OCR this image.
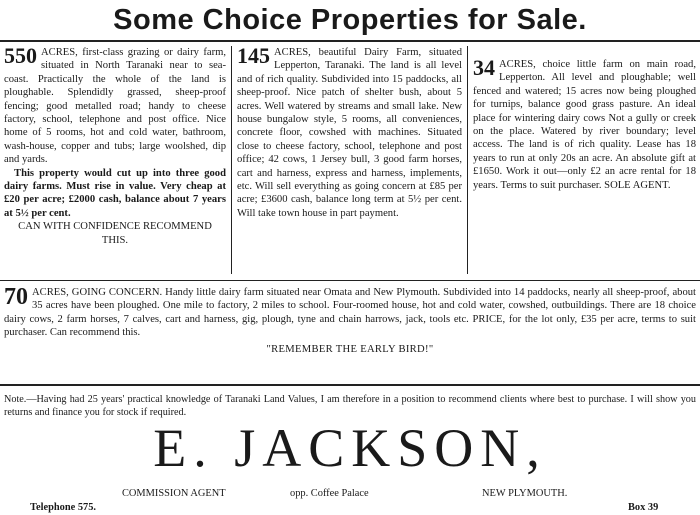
Some Choice Properties for Sale.
550 ACRES, first-class grazing or dairy farm, situated in North Taranaki near to sea-coast. Practically the whole of the land is ploughable. Splendidly grassed, sheep-proof fencing; good metalled road; handy to cheese factory, school, telephone and post office. Nice home of 5 rooms, hot and cold water, bathroom, wash-house, copper and tubs; large woolshed, dip and yards.

This property would cut up into three good dairy farms. Must rise in value. Very cheap at £20 per acre; £2000 cash, balance about 7 years at 5½ per cent.

CAN WITH CONFIDENCE RECOMMEND THIS.

145 ACRES, beautiful Dairy Farm, situated Lepperton, Taranaki. The land is all level and of rich quality. Subdivided into 15 paddocks, all sheep-proof. Nice patch of shelter bush, about 5 acres. Well watered by streams and small lake. New house bungalow style, 5 rooms, all conveniences, concrete floor, cowshed with machines. Situated close to cheese factory, school, telephone and post office; 42 cows, 1 Jersey bull, 3 good farm horses, cart and harness, express and harness, implements, etc. Will sell everything as going concern at £85 per acre; £3600 cash, balance long term at 5½ per cent. Will take town house in part payment.

34 ACRES, choice little farm on main road, Lepperton. All level and ploughable; well fenced and watered; 15 acres now being ploughed for turnips, balance good grass pasture. An ideal place for wintering dairy cows Not a gully or creek on the place. Watered by river boundary; level access. The land is of rich quality. Lease has 18 years to run at only 20s an acre. An absolute gift at £1650. Work it out—only £2 an acre rental for 18 years. Terms to suit purchaser. SOLE AGENT.

70 ACRES, GOING CONCERN. Handy little dairy farm situated near Omata and New Plymouth. Subdivided into 14 paddocks, nearly all sheep-proof, about 35 acres have been ploughed. One mile to factory, 2 miles to school. Four-roomed house, hot and cold water, cowshed, outbuildings. There are 18 choice dairy cows, 2 farm horses, 7 calves, cart and harness, gig, plough, tyne and chain harrows, jack, tools etc. PRICE, for the lot only, £35 per acre, terms to suit purchaser. Can recommend this.
"REMEMBER THE EARLY BIRD!"
Note.—Having had 25 years' practical knowledge of Taranaki Land Values, I am therefore in a position to recommend clients where best to purchase. I will show you returns and finance you for stock if required.
E. JACKSON,
COMMISSION AGENT	opp. Coffee Palace	NEW PLYMOUTH.
Telephone 575.	Box 39
